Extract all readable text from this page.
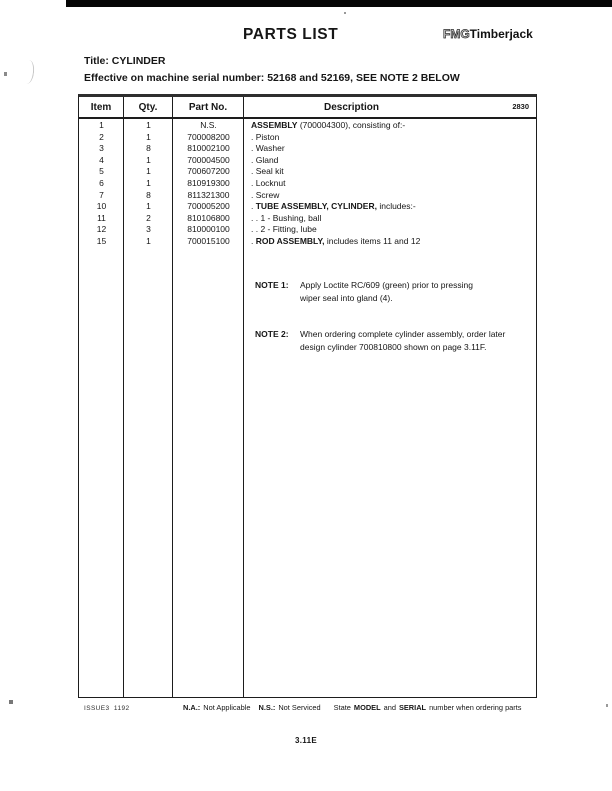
PARTS LIST	FMGTimberjack
Title: CYLINDER
Effective on machine serial number: 52168 and 52169, SEE NOTE 2 BELOW
Item	Qty.	Part No.	Description	2830
1	1	N.S.	ASSEMBLY (700004300), consisting of:-
2	1	700008200	. Piston
3	8	810002100	. Washer
4	1	700004500	. Gland
5	1	700607200	. Seal kit
6	1	810919300	. Locknut
7	8	811321300	. Screw
10	1	700005200	. TUBE ASSEMBLY, CYLINDER, includes:-
11	2	810106800	. . 1 - Bushing, ball
12	3	810000100	. . 2 - Fitting, lube
15	1	700015100	. ROD ASSEMBLY, includes items 11 and 12
NOTE 1:	Apply Loctite RC/609 (green) prior to pressing
wiper seal into gland (4).
NOTE 2:	When ordering complete cylinder assembly, order later
design cylinder 700810800 shown on page 3.11F.
ISSUE3  1192	N.A.: Not Applicable N.S.: Not Serviced State MODEL and SERIAL number when ordering parts
3.11E
